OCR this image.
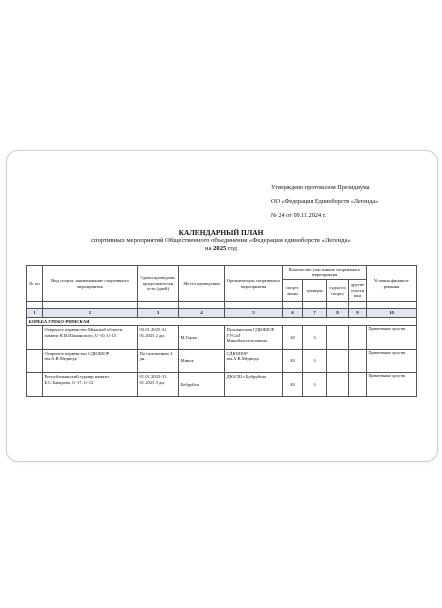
Утверждено протоколом Президиума
ОО «Федерация Единоборств «Легенда»
№ 24 от 09.11.2024 г.
КАЛЕНДАРНЫЙ ПЛАН
спортивных мероприятий Общественного объединения «Федерация единоборств «Легенда»
на 2025 год
№ пп	Вид спорта, наименование спортивного мероприятия	Сроки проведени, продолжительн ость (дней)	Место проведения	Организаторы спортивного мероприятия	Количество участников спортивного мероприятия				Условия финанси- рования
					спортс мены	тренеры	судьи по спорту	другие участн ики	

1	2	3	4	5	6	7	8	9	10
БОРЬБА ГРЕКО-РИМСКАЯ									
	Открытое первенство Минской области памяти В.И.Шаманского, U-10, U-15	03.01.2025-31. 01.2025 2 дн.	М.Горка	Пуховичская СДЮШОР ГУСиТ Минобласисполкома	20	3			Привлеченные средства
	Открытое первенство СДЮШОР им.А.В.Медведя	По положению 2 дн.	Минск	СДЮШОР им.А.В.Медведя	20	3			Привлеченные средства
	Республиканский турнир памяти Б.С.Баварева, U-17, U-12	01.01.2025-31. 01.2025 3 дн.	Бобруйск	ДЮСШ г.Бобруйска	20	3			Привлеченные средства
